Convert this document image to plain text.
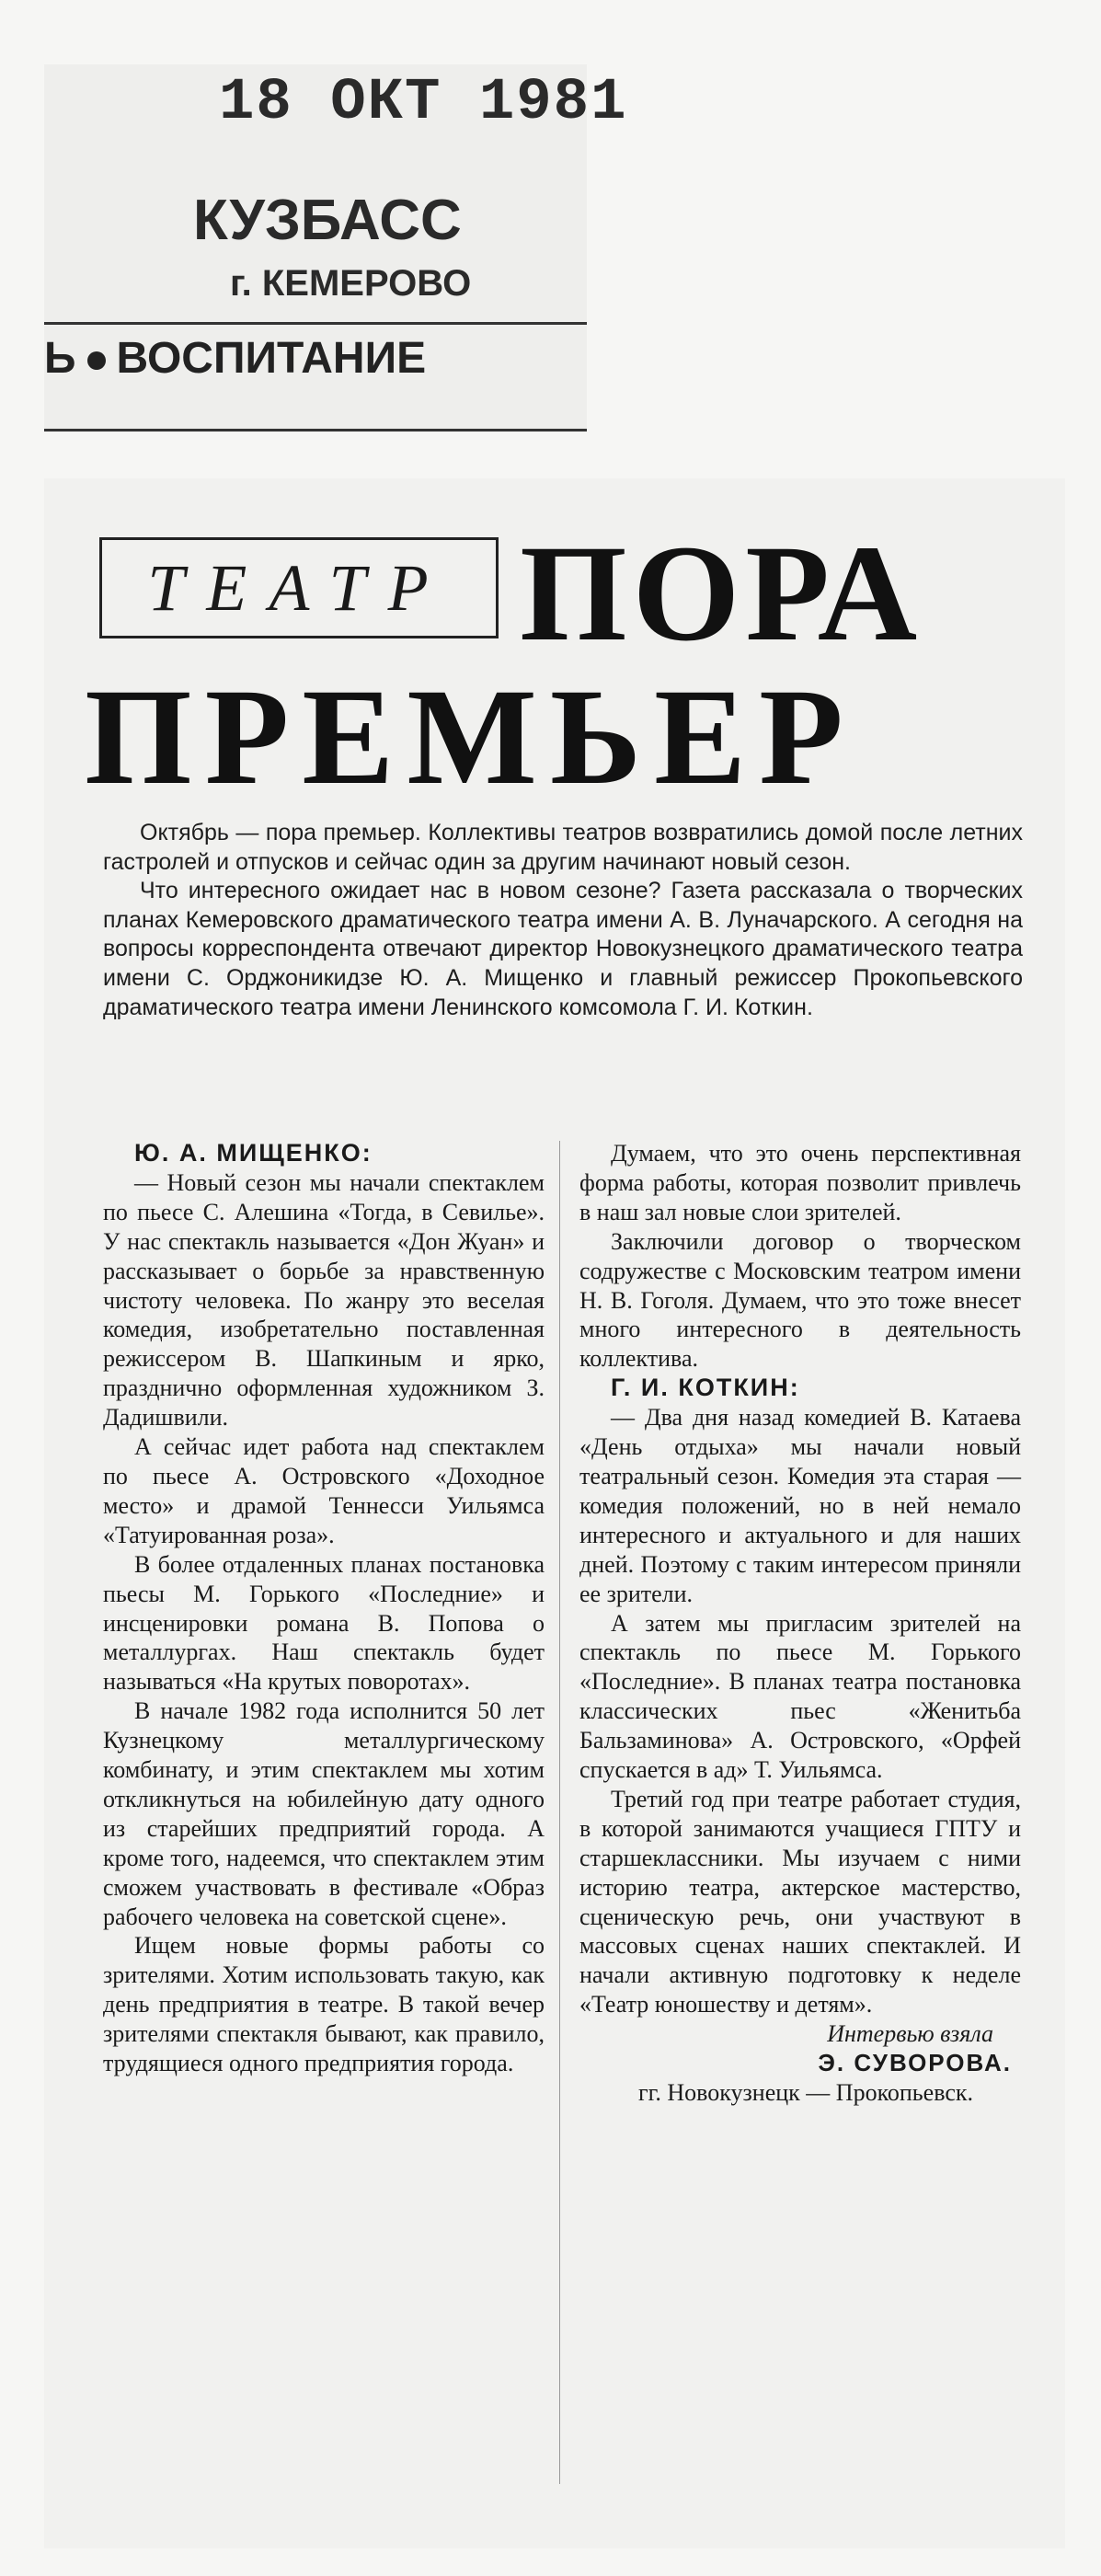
18 ОКТ 1981
КУЗБАСС
г. КЕМЕРОВО
Ь ВОСПИТАНИЕ
ТЕАТР ПОРА
ПРЕМЬЕР

Октябрь — пора премьер. Коллективы театров возвратились домой после летних гастролей и отпусков и сейчас один за другим начинают новый сезон.

Что интересного ожидает нас в новом сезоне? Газета рассказала о творческих планах Кемеровского драматического театра имени А. В. Луначарского. А сегодня на вопросы корреспондента отвечают директор Новокузнецкого драматического театра имени С. Орджоникидзе Ю. А. Мищенко и главный режиссер Прокопьевского драматического театра имени Ленинского комсомола Г. И. Коткин.

Ю. А. МИЩЕНКО:

— Новый сезон мы начали спектаклем по пьесе С. Алешина «Тогда, в Севилье». У нас спектакль называется «Дон Жуан» и рассказывает о борьбе за нравственную чистоту человека. По жанру это веселая комедия, изобретательно поставленная режиссером В. Шапкиным и ярко, празднично оформленная художником З. Дадишвили.

А сейчас идет работа над спектаклем по пьесе А. Островского «Доходное место» и драмой Теннесси Уильямса «Татуированная роза».

В более отдаленных планах постановка пьесы М. Горького «Последние» и инсценировки романа В. Попова о металлургах. Наш спектакль будет называться «На крутых поворотах».

В начале 1982 года исполнится 50 лет Кузнецкому металлургическому комбинату, и этим спектаклем мы хотим откликнуться на юбилейную дату одного из старейших предприятий города. А кроме того, надеемся, что спектаклем этим сможем участвовать в фестивале «Образ рабочего человека на советской сцене».

Ищем новые формы работы со зрителями. Хотим использовать такую, как день предприятия в театре. В такой вечер зрителями спектакля бывают, как правило, трудящиеся одного предприятия города.

Думаем, что это очень перспективная форма работы, которая позволит привлечь в наш зал новые слои зрителей.

Заключили договор о творческом содружестве с Московским театром имени Н. В. Гоголя. Думаем, что это тоже внесет много интересного в деятельность коллектива.

Г. И. КОТКИН:

— Два дня назад комедией В. Катаева «День отдыха» мы начали новый театральный сезон. Комедия эта старая — комедия положений, но в ней немало интересного и актуального и для наших дней. Поэтому с таким интересом приняли ее зрители.

А затем мы пригласим зрителей на спектакль по пьесе М. Горького «Последние». В планах театра постановка классических пьес «Женитьба Бальзаминова» А. Островского, «Орфей спускается в ад» Т. Уильямса.

Третий год при театре работает студия, в которой занимаются учащиеся ГПТУ и старшеклассники. Мы изучаем с ними историю театра, актерское мастерство, сценическую речь, они участвуют в массовых сценах наших спектаклей. И начали активную подготовку к неделе «Театр юношеству и детям».

Интервью взяла

Э. СУВОРОВА.

гг. Новокузнецк — Прокопьевск.
